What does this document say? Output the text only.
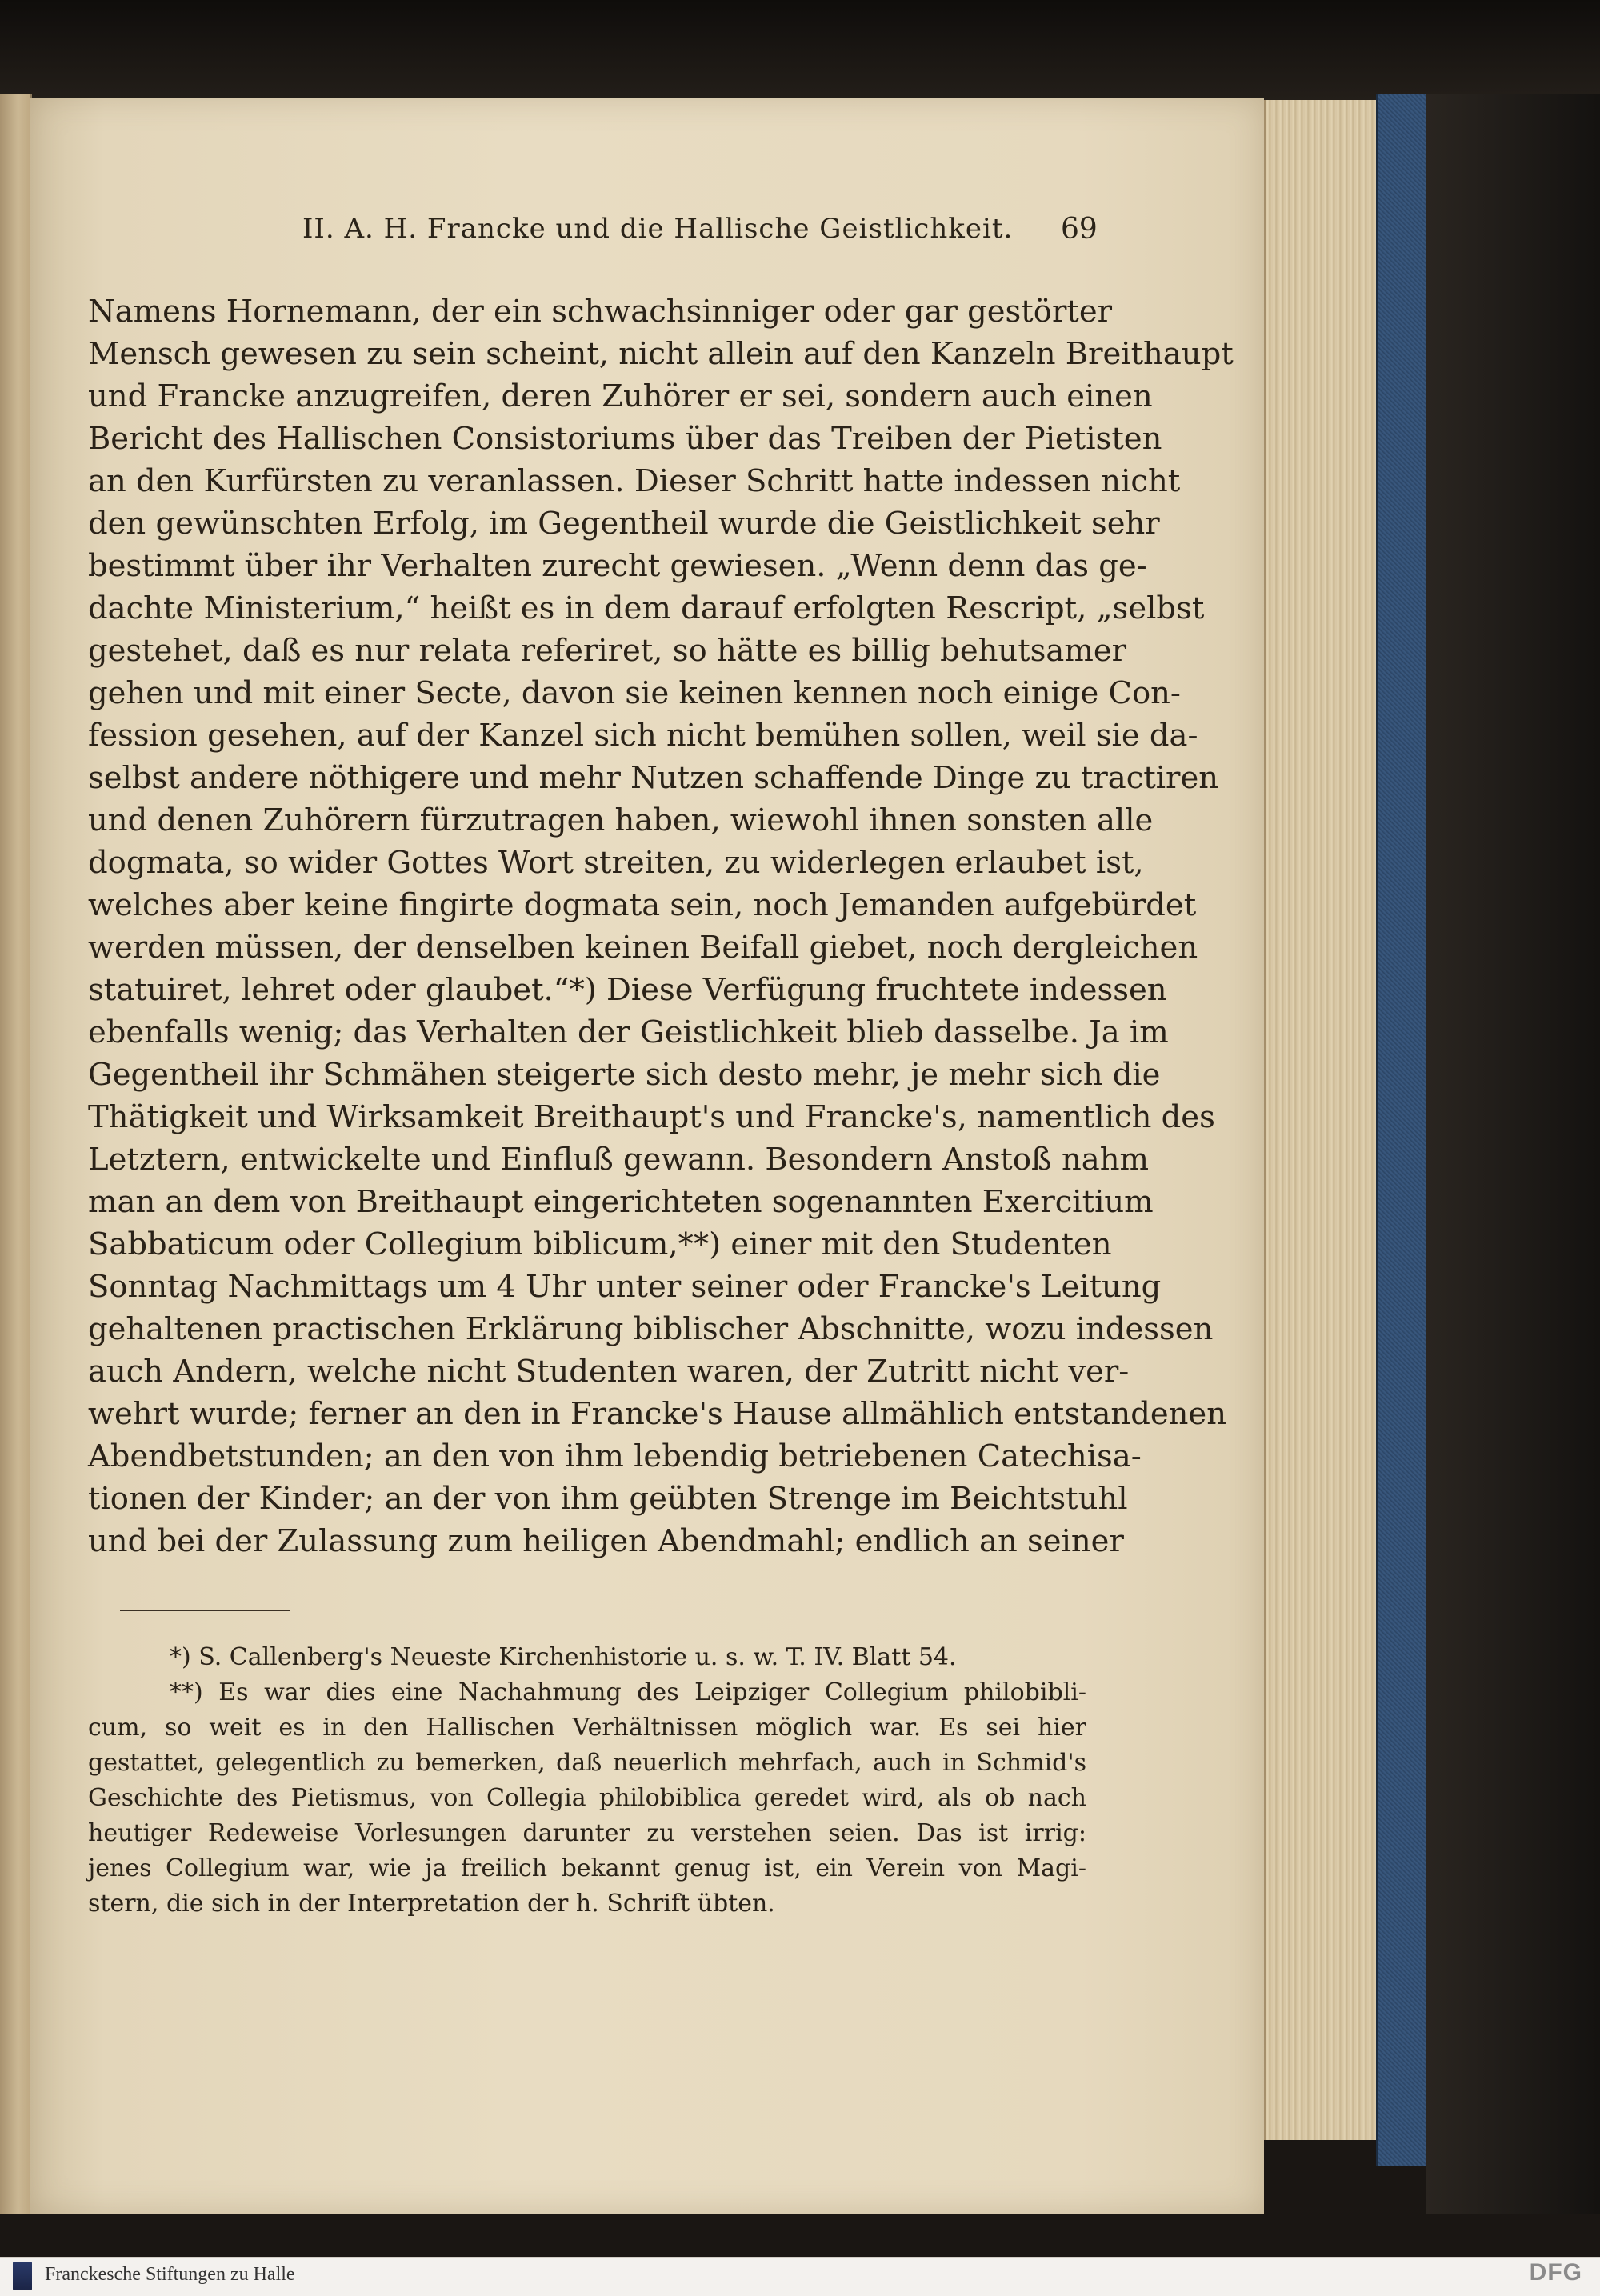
II. A. H. Francke und die Hallische Geistlichkeit. 69
Namens Hornemann, der ein schwachsinniger oder gar gestörter
Mensch gewesen zu sein scheint, nicht allein auf den Kanzeln Breithaupt
und Francke anzugreifen, deren Zuhörer er sei, sondern auch einen
Bericht des Hallischen Consistoriums über das Treiben der Pietisten
an den Kurfürsten zu veranlassen. Dieser Schritt hatte indessen nicht
den gewünschten Erfolg, im Gegentheil wurde die Geistlichkeit sehr
bestimmt über ihr Verhalten zurecht gewiesen. „Wenn denn das ge-
dachte Ministerium,“ heißt es in dem darauf erfolgten Rescript, „selbst
gestehet, daß es nur relata referiret, so hätte es billig behutsamer
gehen und mit einer Secte, davon sie keinen kennen noch einige Con-
fession gesehen, auf der Kanzel sich nicht bemühen sollen, weil sie da-
selbst andere nöthigere und mehr Nutzen schaffende Dinge zu tractiren
und denen Zuhörern fürzutragen haben, wiewohl ihnen sonsten alle
dogmata, so wider Gottes Wort streiten, zu widerlegen erlaubet ist,
welches aber keine fingirte dogmata sein, noch Jemanden aufgebürdet
werden müssen, der denselben keinen Beifall giebet, noch dergleichen
statuiret, lehret oder glaubet.“*) Diese Verfügung fruchtete indessen
ebenfalls wenig; das Verhalten der Geistlichkeit blieb dasselbe. Ja im
Gegentheil ihr Schmähen steigerte sich desto mehr, je mehr sich die
Thätigkeit und Wirksamkeit Breithaupt's und Francke's, namentlich des
Letztern, entwickelte und Einfluß gewann. Besondern Anstoß nahm
man an dem von Breithaupt eingerichteten sogenannten Exercitium
Sabbaticum oder Collegium biblicum,**) einer mit den Studenten
Sonntag Nachmittags um 4 Uhr unter seiner oder Francke's Leitung
gehaltenen practischen Erklärung biblischer Abschnitte, wozu indessen
auch Andern, welche nicht Studenten waren, der Zutritt nicht ver-
wehrt wurde; ferner an den in Francke's Hause allmählich entstandenen
Abendbetstunden; an den von ihm lebendig betriebenen Catechisa-
tionen der Kinder; an der von ihm geübten Strenge im Beichtstuhl
und bei der Zulassung zum heiligen Abendmahl; endlich an seiner
*) S. Callenberg's Neueste Kirchenhistorie u. s. w. T. IV. Blatt 54.
**) Es war dies eine Nachahmung des Leipziger Collegium philobibli-
cum, so weit es in den Hallischen Verhältnissen möglich war. Es sei hier
gestattet, gelegentlich zu bemerken, daß neuerlich mehrfach, auch in Schmid's
Geschichte des Pietismus, von Collegia philobiblica geredet wird, als ob nach
heutiger Redeweise Vorlesungen darunter zu verstehen seien. Das ist irrig:
jenes Collegium war, wie ja freilich bekannt genug ist, ein Verein von Magi-
stern, die sich in der Interpretation der h. Schrift übten.
Franckesche Stiftungen zu Halle	DFG
